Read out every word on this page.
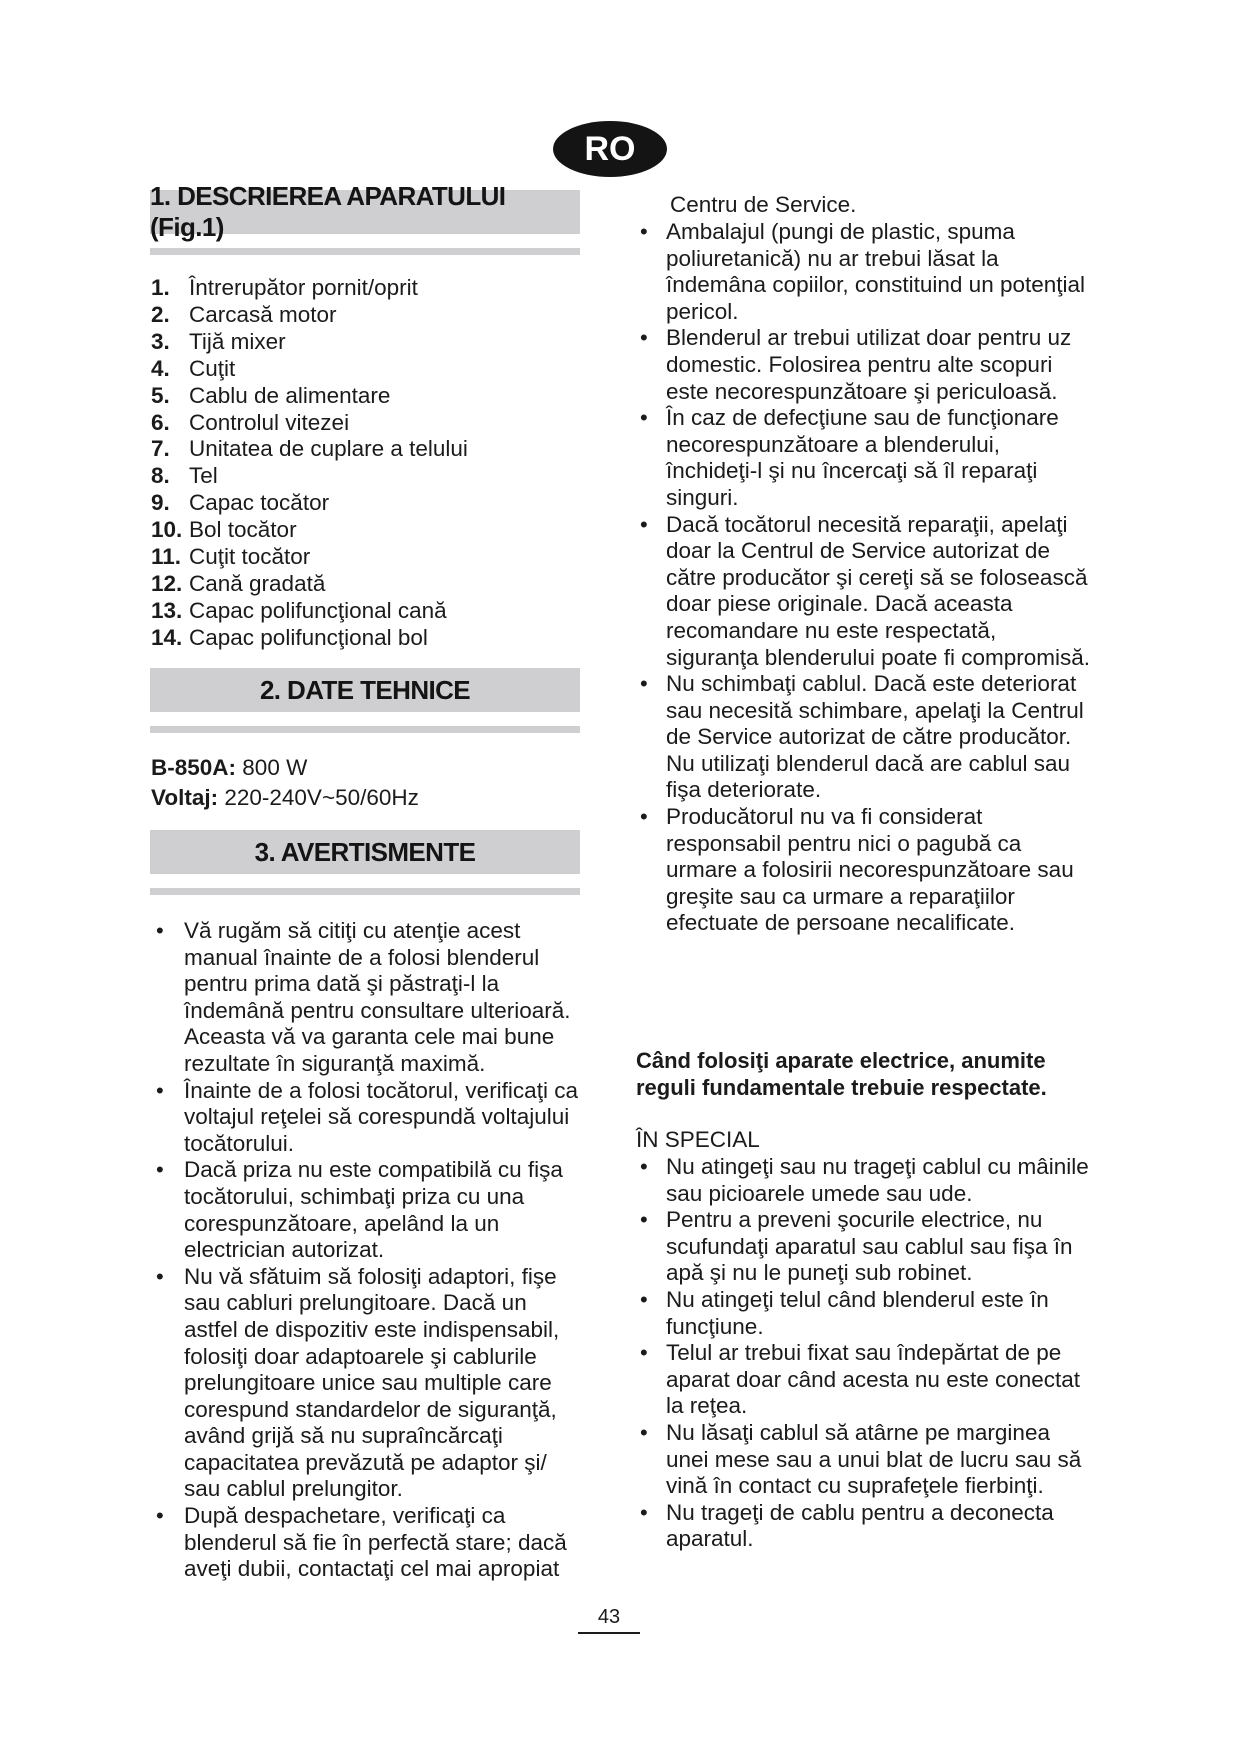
RO
1. DESCRIEREA APARATULUI (Fig.1)
1. Întrerupător pornit/oprit
2. Carcasă motor
3. Tijă mixer
4. Cuţit
5. Cablu de alimentare
6. Controlul vitezei
7. Unitatea de cuplare a telului
8. Tel
9. Capac tocător
10. Bol tocător
11. Cuţit tocător
12. Cană gradată
13. Capac polifuncţional cană
14. Capac polifuncţional bol
2. DATE TEHNICE
B-850A: 800 W
Voltaj: 220-240V~50/60Hz
3. AVERTISMENTE
• Vă rugăm să citiţi cu atenţie acest manual înainte de a folosi blenderul pentru prima dată şi păstraţi-l la îndemână pentru consultare ulterioară. Aceasta vă va garanta cele mai bune rezultate în siguranţă maximă.
• Înainte de a folosi tocătorul, verificaţi ca voltajul reţelei să corespundă voltajului tocătorului.
• Dacă priza nu este compatibilă cu fişa tocătorului, schimbaţi priza cu una corespunzătoare, apelând la un electrician autorizat.
• Nu vă sfătuim să folosiţi adaptori, fişe sau cabluri prelungitoare. Dacă un astfel de dispozitiv este indispensabil, folosiţi doar adaptoarele şi cablurile prelungitoare unice sau multiple care corespund standardelor de siguranţă, având grijă să nu supraîncărcaţi capacitatea prevăzută pe adaptor şi/ sau cablul prelungitor.
• După despachetare, verificaţi ca blenderul să fie în perfectă stare; dacă aveţi dubii, contactaţi cel mai apropiat
Centru de Service.
• Ambalajul (pungi de plastic, spuma poliuretanică) nu ar trebui lăsat la îndemâna copiilor, constituind un potenţial pericol.
• Blenderul ar trebui utilizat doar pentru uz domestic. Folosirea pentru alte scopuri este necorespunzătoare şi periculoasă.
• În caz de defecţiune sau de funcţionare necorespunzătoare a blenderului, închideţi-l şi nu încercaţi să îl reparaţi singuri.
• Dacă tocătorul necesită reparaţii, apelaţi doar la Centrul de Service autorizat de către producător şi cereţi să se folosească doar piese originale. Dacă aceasta recomandare nu este respectată, siguranţa blenderului poate fi compromisă.
• Nu schimbaţi cablul. Dacă este deteriorat sau necesită schimbare, apelaţi la Centrul de Service autorizat de către producător. Nu utilizaţi blenderul dacă are cablul sau fişa deteriorate.
• Producătorul nu va fi considerat responsabil pentru nici o pagubă ca urmare a folosirii necorespunzătoare sau greşite sau ca urmare a reparaţiilor efectuate de persoane necalificate.
Când folosiţi aparate electrice, anumite reguli fundamentale trebuie respectate.
ÎN SPECIAL
• Nu atingeţi sau nu trageţi cablul cu mâinile sau picioarele umede sau ude.
• Pentru a preveni şocurile electrice, nu scufundaţi aparatul sau cablul sau fişa în apă şi nu le puneţi sub robinet.
• Nu atingeţi telul când blenderul este în funcţiune.
• Telul ar trebui fixat sau îndepărtat de pe aparat doar când acesta nu este conectat la reţea.
• Nu lăsaţi cablul să atârne pe marginea unei mese sau a unui blat de lucru sau să vină în contact cu suprafeţele fierbinţi.
• Nu trageţi de cablu pentru a deconecta aparatul.
43
